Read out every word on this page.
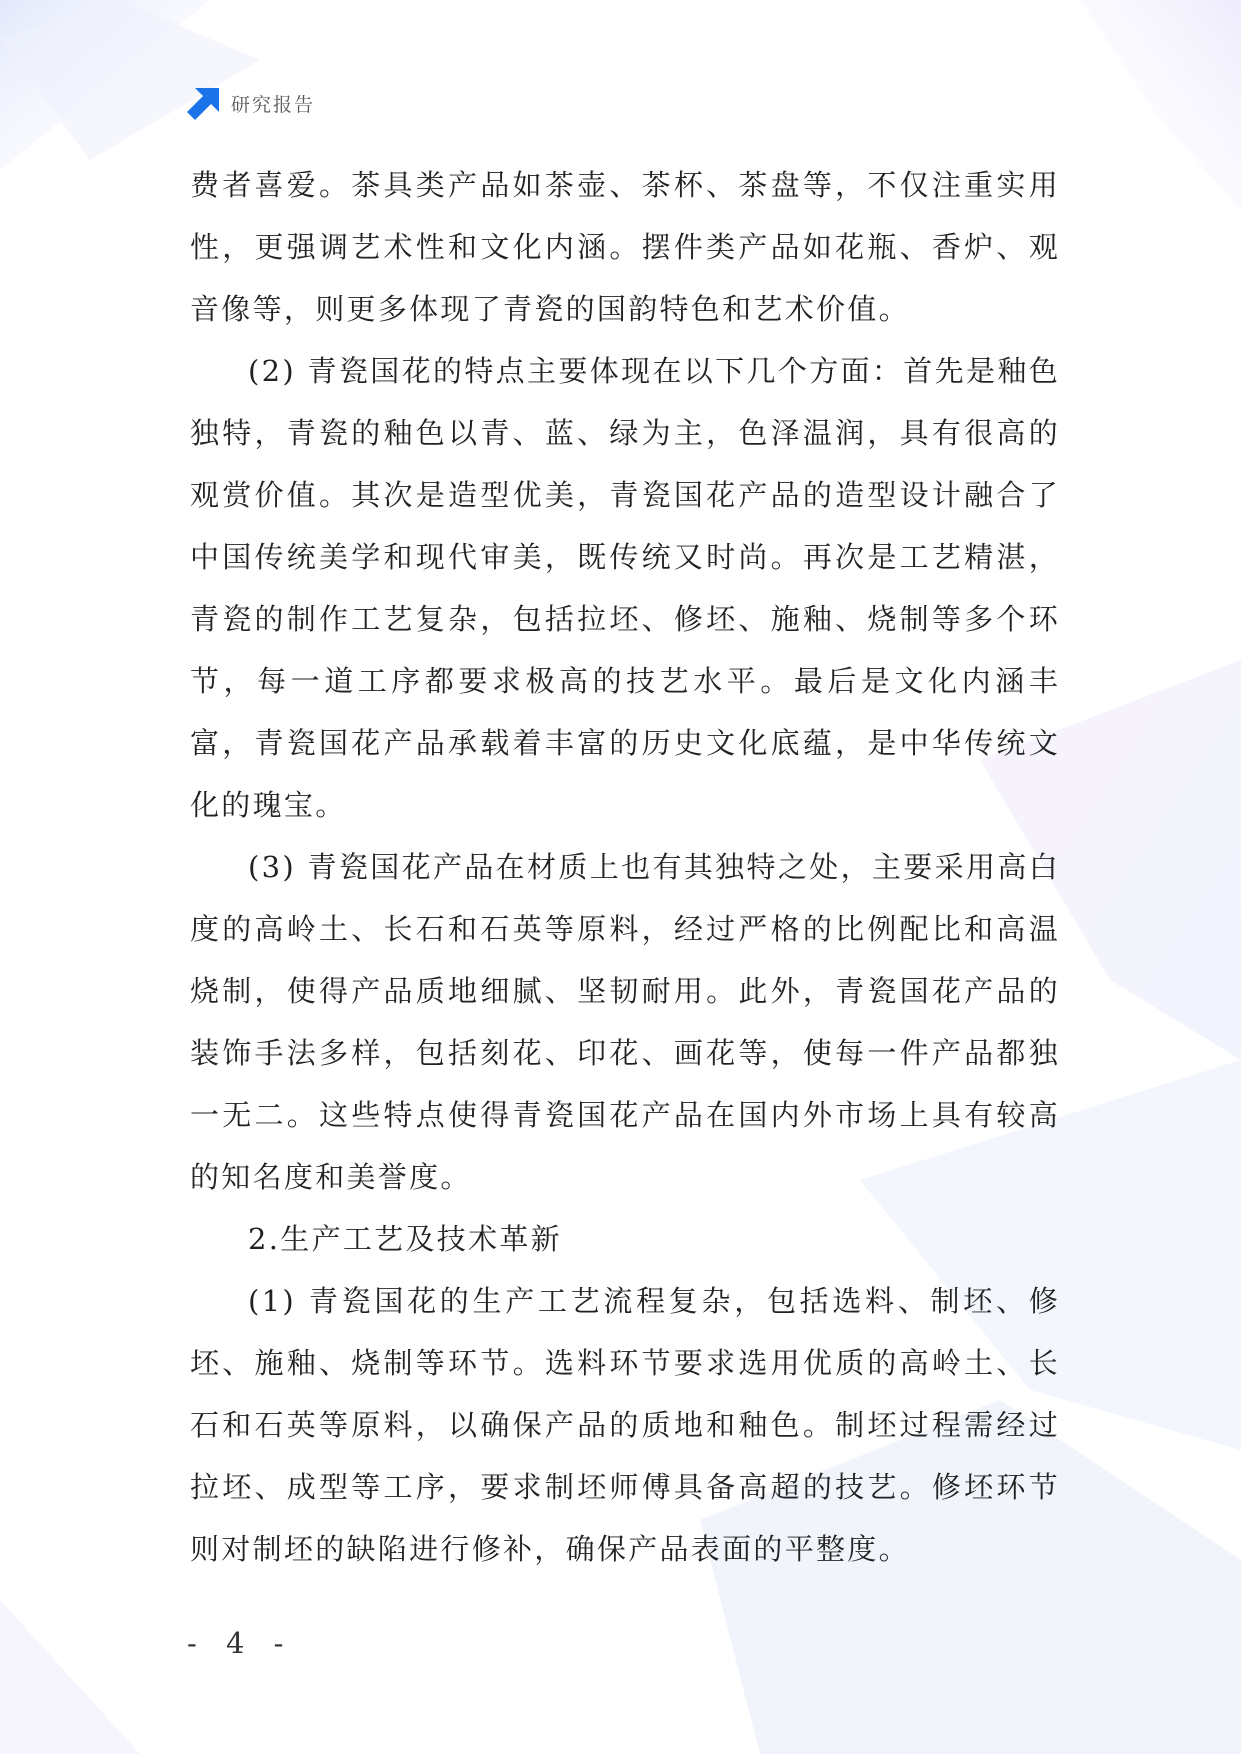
研究报告

费者喜爱。茶具类产品如茶壶、茶杯、茶盘等，不仅注重实用性，更强调艺术性和文化内涵。摆件类产品如花瓶、香炉、观音像等，则更多体现了青瓷的国韵特色和艺术价值。

(2) 青瓷国花的特点主要体现在以下几个方面：首先是釉色独特，青瓷的釉色以青、蓝、绿为主，色泽温润，具有很高的观赏价值。其次是造型优美，青瓷国花产品的造型设计融合了中国传统美学和现代审美，既传统又时尚。再次是工艺精湛，青瓷的制作工艺复杂，包括拉坯、修坯、施釉、烧制等多个环节，每一道工序都要求极高的技艺水平。最后是文化内涵丰富，青瓷国花产品承载着丰富的历史文化底蕴，是中华传统文化的瑰宝。

(3) 青瓷国花产品在材质上也有其独特之处，主要采用高白度的高岭土、长石和石英等原料，经过严格的比例配比和高温烧制，使得产品质地细腻、坚韧耐用。此外，青瓷国花产品的装饰手法多样，包括刻花、印花、画花等，使每一件产品都独一无二。这些特点使得青瓷国花产品在国内外市场上具有较高的知名度和美誉度。

2.生产工艺及技术革新

(1) 青瓷国花的生产工艺流程复杂，包括选料、制坯、修坯、施釉、烧制等环节。选料环节要求选用优质的高岭土、长石和石英等原料，以确保产品的质地和釉色。制坯过程需经过拉坯、成型等工序，要求制坯师傅具备高超的技艺。修坯环节则对制坯的缺陷进行修补，确保产品表面的平整度。

- 4 -
